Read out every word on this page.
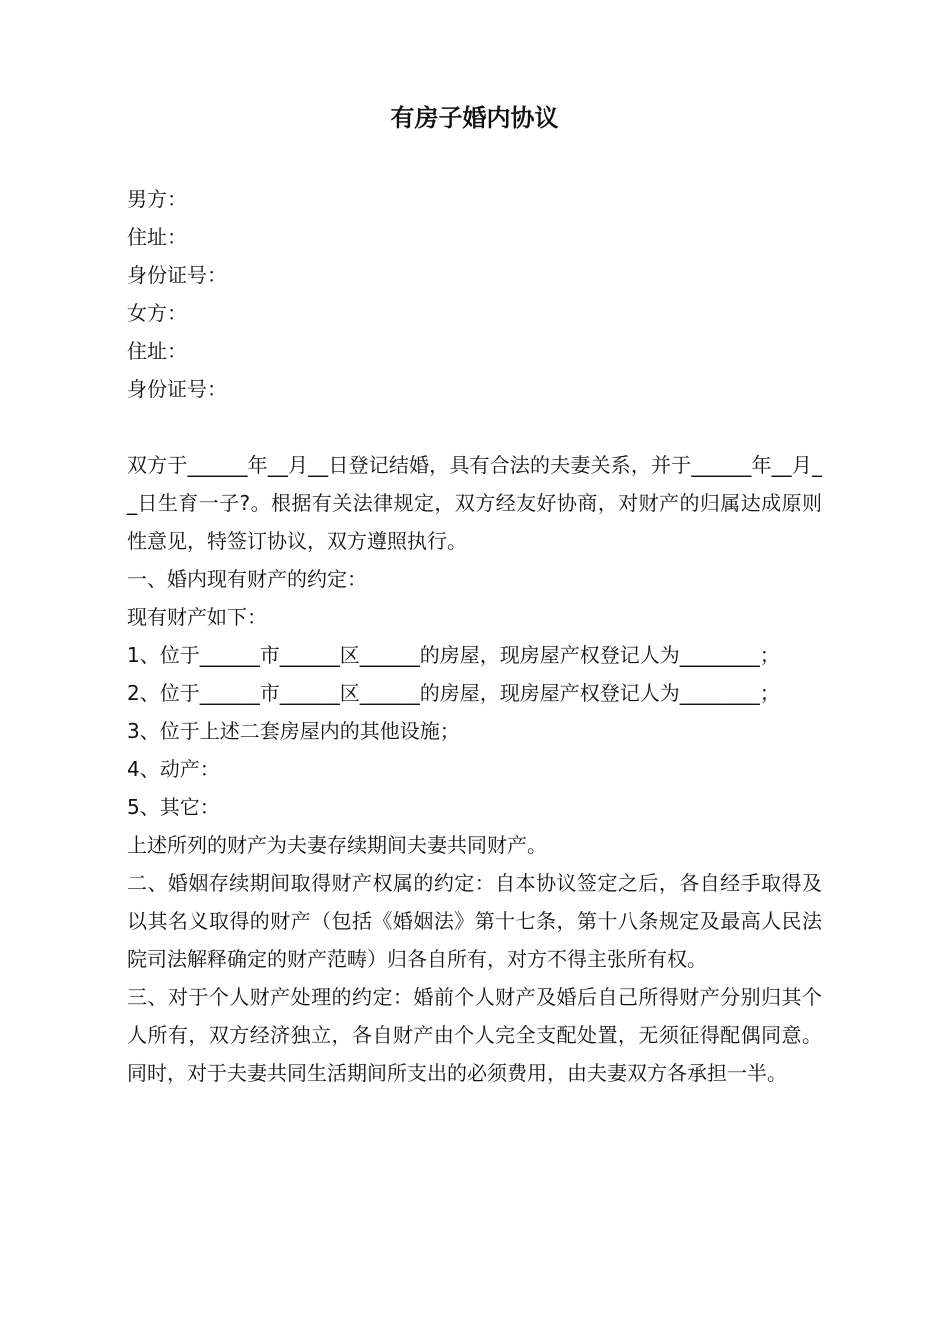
有房子婚内协议
男方：
住址：
身份证号：
女方：
住址：
身份证号：
双方于______年__月__日登记结婚，具有合法的夫妻关系，并于______年__月__日生育一子?。根据有关法律规定，双方经友好协商，对财产的归属达成原则性意见，特签订协议，双方遵照执行。
一、婚内现有财产的约定：
现有财产如下：
1、位于______市______区______的房屋，现房屋产权登记人为________；
2、位于______市______区______的房屋，现房屋产权登记人为________；
3、位于上述二套房屋内的其他设施；
4、动产：
5、其它：
上述所列的财产为夫妻存续期间夫妻共同财产。
二、婚姻存续期间取得财产权属的约定：自本协议签定之后，各自经手取得及以其名义取得的财产（包括《婚姻法》第十七条，第十八条规定及最高人民法院司法解释确定的财产范畴）归各自所有，对方不得主张所有权。
三、对于个人财产处理的约定：婚前个人财产及婚后自己所得财产分别归其个人所有，双方经济独立，各自财产由个人完全支配处置，无须征得配偶同意。同时，对于夫妻共同生活期间所支出的必须费用，由夫妻双方各承担一半。
